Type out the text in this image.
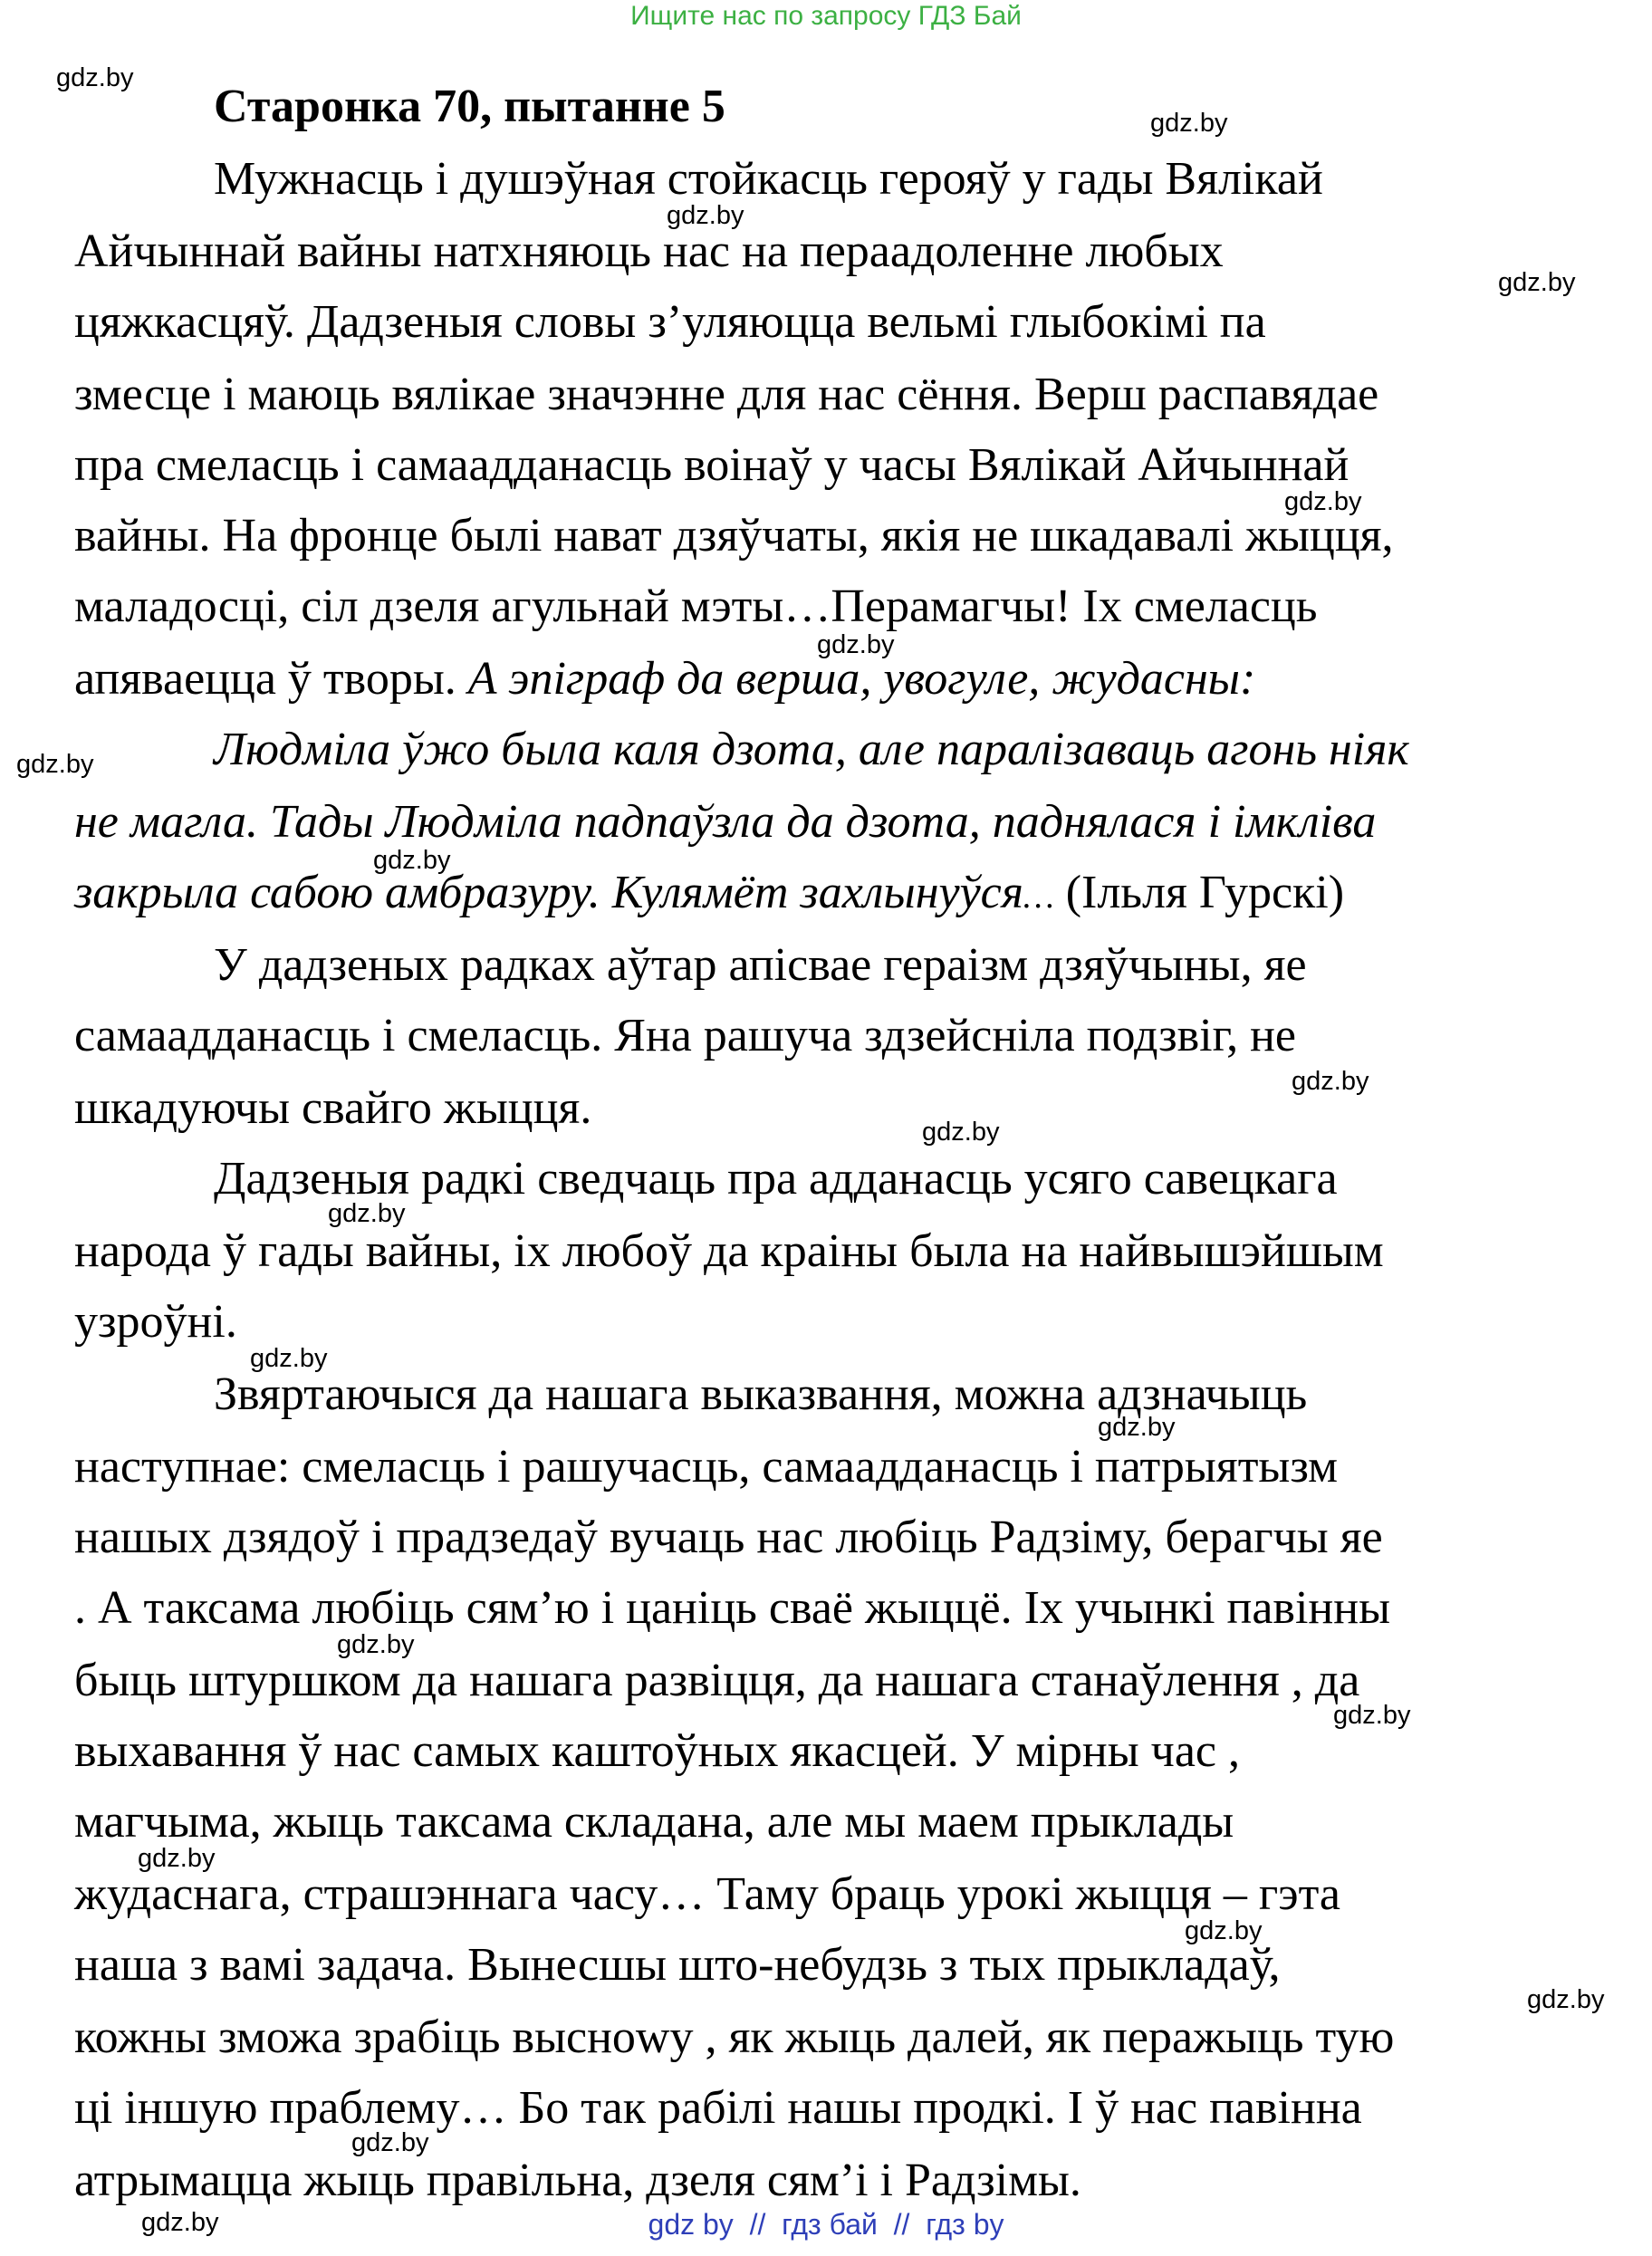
Ищите нас по запросу ГДЗ Бай
gdz.by
Старонка 70, пытанне 5	gdz.by
Мужнасць і душэўная стойкасць герояў у гады Вялікай
gdz.by
Айчыннай вайны натхняюць нас на пераадоленне любых
gdz.by
цяжкасцяў. Дадзеныя словы з’уляюцца вельмі глыбокімі па
змесце і маюць вялікае значэнне для нас сёння. Верш распавядае
пра смеласць і самаадданасць воінаў у часы Вялікай Айчыннай
gdz.by
вайны. На фронце былі нават дзяўчаты, якія не шкадавалі жыцця,
маладосці, сіл дзеля агульнай мэты…Перамагчы! Іх смеласць
gdz.by
апяваецца ў творы. А эпіграф да верша, увогуле, жудасны:
gdz.by	Людміла ўжо была каля дзота, але паралізаваць агонь ніяк
не магла. Тады Людміла падпаўзла да дзота, паднялася і імкліва
gdz.by
закрыла сабою амбразуру. Кулямёт захлынуўся… (Ільля Гурскі)
У дадзеных радках аўтар апісвае гераізм дзяўчыны, яе
самаадданасць і смеласць. Яна рашуча здзейсніла подзвіг, не
gdz.by
шкадуючы свайго жыцця.	gdz.by
Дадзеныя радкі сведчаць пра адданасць усяго савецкага
gdz.by
народа ў гады вайны, іх любоў да краіны была на найвышэйшым
узроўні.
gdz.by
Звяртаючыся да нашага выказвання, можна адзначыць
gdz.by
наступнае: смеласць і рашучасць, самаадданасць і патрыятызм
нашых дзядоў і прадзедаў вучаць нас любіць Радзіму, берагчы яе
. А таксама любіць сям’ю і цаніць сваё жыццё. Іх учынкі павінны
gdz.by
быць штуршком да нашага развіцця, да нашага станаўлення , да
gdz.by
выхавання ў нас самых каштоўных якасцей. У мірны час ,
магчыма, жыць таксама складана, але мы маем прыклады
gdz.by
жудаснага, страшэннага часу… Таму браць урокі жыцця – гэта
gdz.by
наша з вамі задача. Вынесшы што-небудзь з тых прыкладаў,
gdz.by
кожны зможа зрабіць высноwу , як жыць далей, як перажыць тую
ці іншую праблему… Бо так рабілі нашы продкі. І ў нас павінна
gdz.by
атрымацца жыць правільна, дзеля сям’і і Радзімы.
gdz.by	gdz by  //  гдз бай  //  гдз by
